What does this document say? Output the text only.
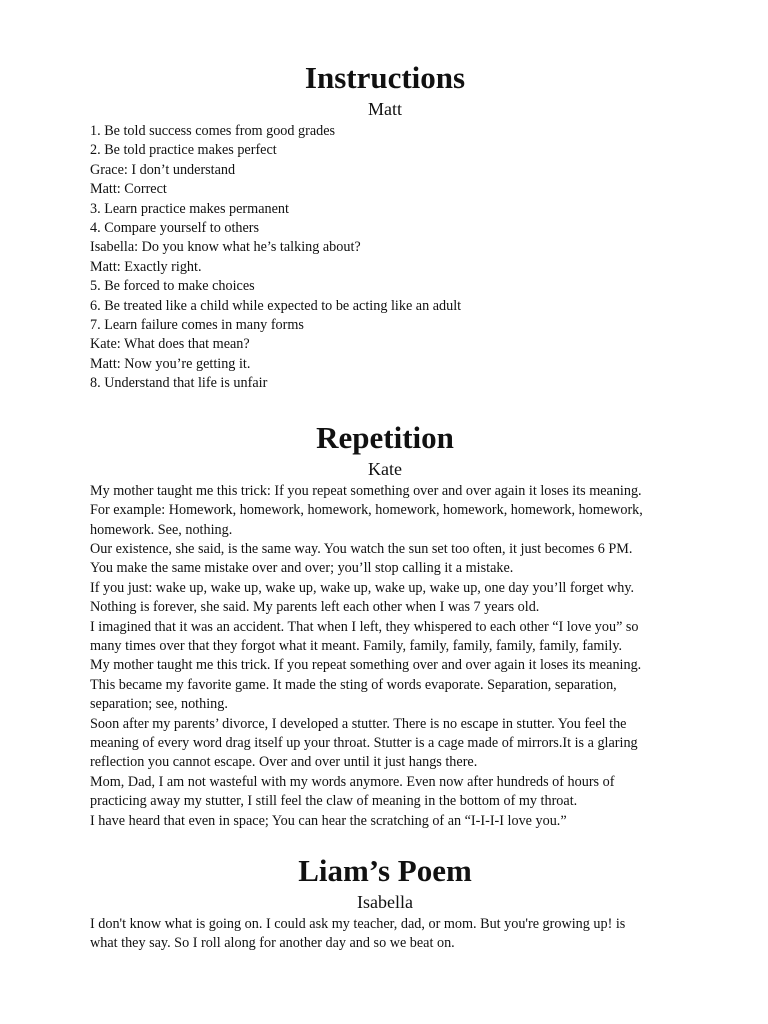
Instructions
Matt

1. Be told success comes from good grades

2. Be told practice makes perfect

Grace: I don’t understand

Matt: Correct

3. Learn practice makes permanent

4. Compare yourself to others

Isabella: Do you know what he’s talking about?

Matt: Exactly right.

5. Be forced to make choices

6. Be treated like a child while expected to be acting like an adult

7. Learn failure comes in many forms

Kate: What does that mean?

Matt: Now you’re getting it.

8. Understand that life is unfair

Repetition
Kate

My mother taught me this trick: If you repeat something over and over again it loses its meaning.

For example: Homework, homework, homework, homework, homework, homework, homework,

homework. See, nothing.

Our existence, she said, is the same way. You watch the sun set too often, it just becomes 6 PM.

You make the same mistake over and over; you’ll stop calling it a mistake.

If you just: wake up, wake up, wake up, wake up, wake up, wake up, one day you’ll forget why.

Nothing is forever, she said. My parents left each other when I was 7 years old.

I imagined that it was an accident. That when I left, they whispered to each other “I love you” so

many times over that they forgot what it meant. Family, family, family, family, family, family.

My mother taught me this trick. If you repeat something over and over again it loses its meaning.

This became my favorite game. It made the sting of words evaporate. Separation, separation,

separation; see, nothing.

Soon after my parents’ divorce, I developed a stutter. There is no escape in stutter. You feel the

meaning of every word drag itself up your throat. Stutter is a cage made of mirrors.It is a glaring

reflection you cannot escape. Over and over until it just hangs there.

Mom, Dad, I am not wasteful with my words anymore. Even now after hundreds of hours of

practicing away my stutter, I still feel the claw of meaning in the bottom of my throat.

I have heard that even in space; You can hear the scratching of an “I-I-I-I love you.”

Liam’s Poem
Isabella

I don't know what is going on. I could ask my teacher, dad, or mom. But you're growing up! is

what they say. So I roll along for another day and so we beat on.
